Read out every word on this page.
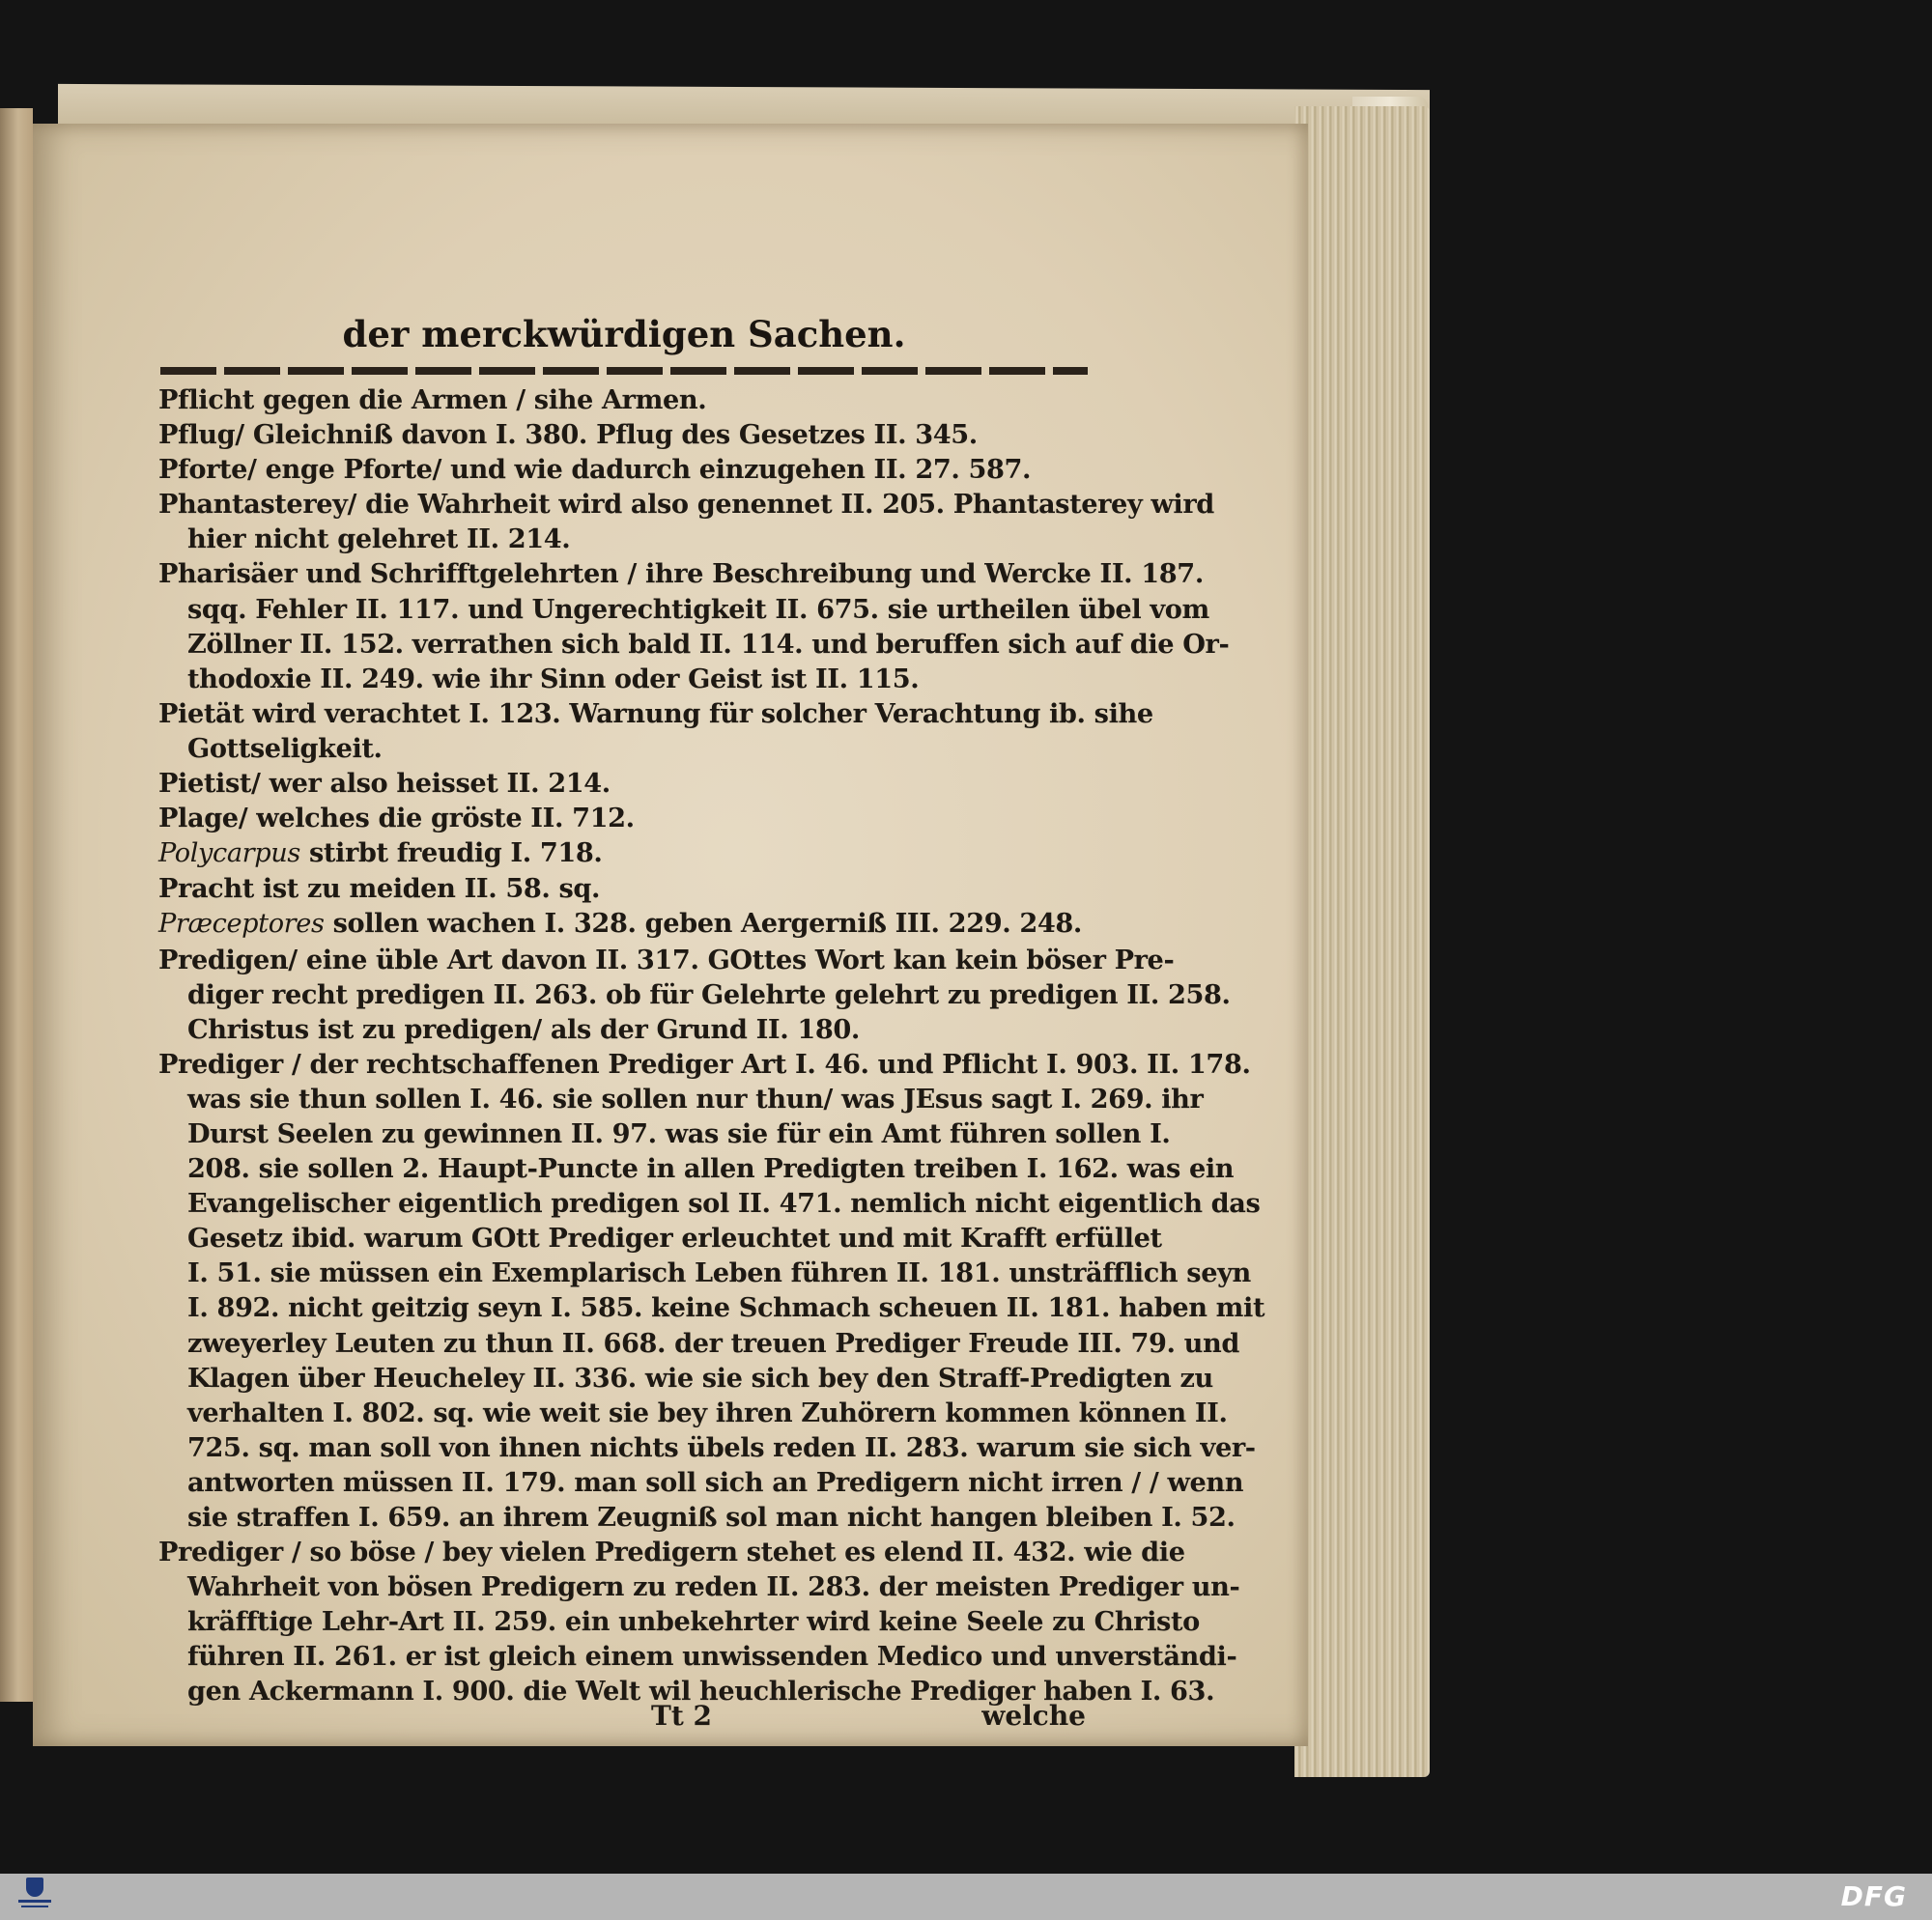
der merckwürdigen Sachen.
Pflicht gegen die Armen / sihe Armen.
Pflug/ Gleichniß davon I. 380. Pflug des Gesetzes II. 345.
Pforte/ enge Pforte/ und wie dadurch einzugehen II. 27. 587.
Phantasterey/ die Wahrheit wird also genennet II. 205. Phantasterey wird
hier nicht gelehret II. 214.
Pharisäer und Schrifftgelehrten / ihre Beschreibung und Wercke II. 187.
sqq. Fehler II. 117. und Ungerechtigkeit II. 675. sie urtheilen übel vom
Zöllner II. 152. verrathen sich bald II. 114. und beruffen sich auf die Or-
thodoxie II. 249. wie ihr Sinn oder Geist ist II. 115.
Pietät wird verachtet I. 123. Warnung für solcher Verachtung ib. sihe
Gottseligkeit.
Pietist/ wer also heisset II. 214.
Plage/ welches die gröste II. 712.
Polycarpus stirbt freudig I. 718.
Pracht ist zu meiden II. 58. sq.
Præceptores sollen wachen I. 328. geben Aergerniß III. 229. 248.
Predigen/ eine üble Art davon II. 317. GOttes Wort kan kein böser Pre-
diger recht predigen II. 263. ob für Gelehrte gelehrt zu predigen II. 258.
Christus ist zu predigen/ als der Grund II. 180.
Prediger / der rechtschaffenen Prediger Art I. 46. und Pflicht I. 903. II. 178.
was sie thun sollen I. 46. sie sollen nur thun/ was JEsus sagt I. 269. ihr
Durst Seelen zu gewinnen II. 97. was sie für ein Amt führen sollen I.
208. sie sollen 2. Haupt-Puncte in allen Predigten treiben I. 162. was ein
Evangelischer eigentlich predigen sol II. 471. nemlich nicht eigentlich das
Gesetz ibid. warum GOtt Prediger erleuchtet und mit Krafft erfüllet
I. 51. sie müssen ein Exemplarisch Leben führen II. 181. unsträfflich seyn
I. 892. nicht geitzig seyn I. 585. keine Schmach scheuen II. 181. haben mit
zweyerley Leuten zu thun II. 668. der treuen Prediger Freude III. 79. und
Klagen über Heucheley II. 336. wie sie sich bey den Straff-Predigten zu
verhalten I. 802. sq. wie weit sie bey ihren Zuhörern kommen können II.
725. sq. man soll von ihnen nichts übels reden II. 283. warum sie sich ver-
antworten müssen II. 179. man soll sich an Predigern nicht irren / / wenn
sie straffen I. 659. an ihrem Zeugniß sol man nicht hangen bleiben I. 52.
Prediger / so böse / bey vielen Predigern stehet es elend II. 432. wie die
Wahrheit von bösen Predigern zu reden II. 283. der meisten Prediger un-
kräfftige Lehr-Art II. 259. ein unbekehrter wird keine Seele zu Christo
führen II. 261. er ist gleich einem unwissenden Medico und unverständi-
gen Ackermann I. 900. die Welt wil heuchlerische Prediger haben I. 63.
Tt 2	welche
DFG
